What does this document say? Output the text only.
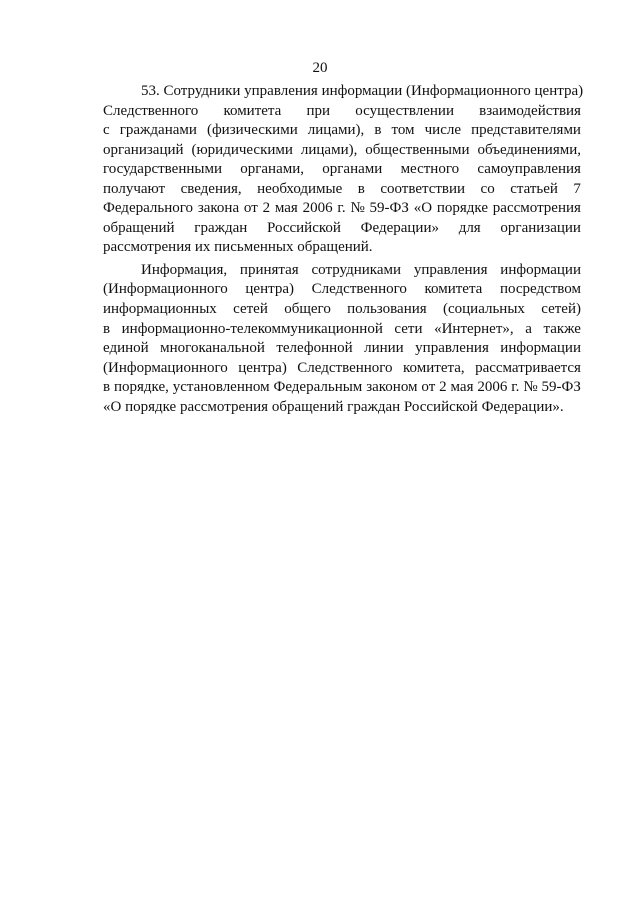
20

53. Сотрудники управления информации (Информационного центра)
Следственного комитета при осуществлении взаимодействия
с гражданами (физическими лицами), в том числе представителями
организаций (юридическими лицами), общественными объединениями,
государственными органами, органами местного самоуправления
получают сведения, необходимые в соответствии со статьей 7
Федерального закона от 2 мая 2006 г. № 59-ФЗ «О порядке рассмотрения
обращений граждан Российской Федерации» для организации
рассмотрения их письменных обращений.

Информация, принятая сотрудниками управления информации
(Информационного центра) Следственного комитета посредством
информационных сетей общего пользования (социальных сетей)
в информационно-телекоммуникационной сети «Интернет», а также
единой многоканальной телефонной линии управления информации
(Информационного центра) Следственного комитета, рассматривается
в порядке, установленном Федеральным законом от 2 мая 2006 г. № 59-ФЗ
«О порядке рассмотрения обращений граждан Российской Федерации».
